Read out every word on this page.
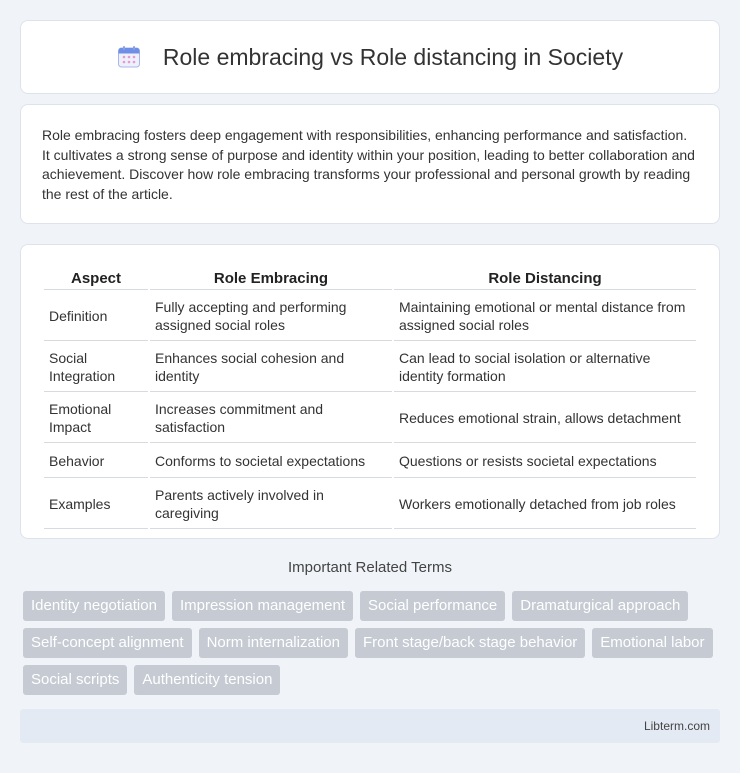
Role embracing vs Role distancing in Society

Role embracing fosters deep engagement with responsibilities, enhancing performance and satisfaction. It cultivates a strong sense of purpose and identity within your position, leading to better collaboration and achievement. Discover how role embracing transforms your professional and personal growth by reading the rest of the article.

Aspect	Role Embracing	Role Distancing
Definition	Fully accepting and performing assigned social roles	Maintaining emotional or mental distance from assigned social roles
Social Integration	Enhances social cohesion and identity	Can lead to social isolation or alternative identity formation
Emotional Impact	Increases commitment and satisfaction	Reduces emotional strain, allows detachment
Behavior	Conforms to societal expectations	Questions or resists societal expectations
Examples	Parents actively involved in caregiving	Workers emotionally detached from job roles
Important Related Terms
Identity negotiation	Impression management	Social performance	Dramaturgical approach
Self-concept alignment	Norm internalization	Front stage/back stage behavior	Emotional labor
Social scripts	Authenticity tension
Libterm.com
